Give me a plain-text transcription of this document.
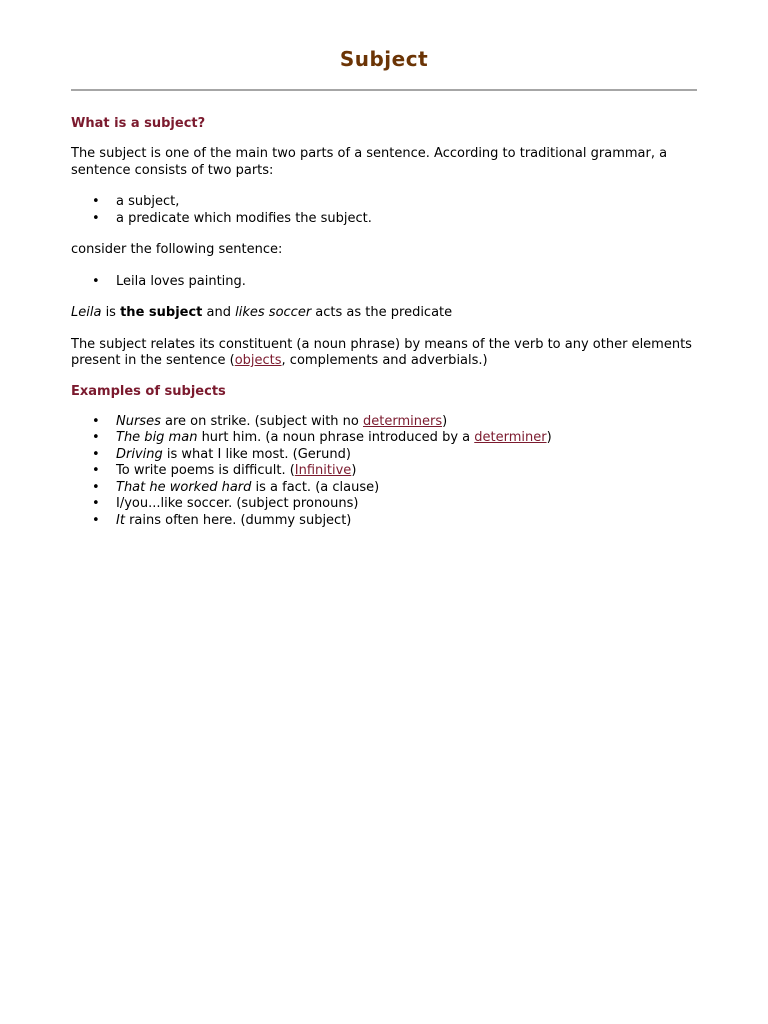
Subject
What is a subject?

The subject is one of the main two parts of a sentence. According to traditional grammar, a sentence consists of two parts:

• a subject,
• a predicate which modifies the subject.

consider the following sentence:

• Leila loves painting.

Leila is the subject and likes soccer acts as the predicate

The subject relates its constituent (a noun phrase) by means of the verb to any other elements present in the sentence (objects, complements and adverbials.)

Examples of subjects
• Nurses are on strike. (subject with no determiners)
• The big man hurt him. (a noun phrase introduced by a determiner)
• Driving is what I like most. (Gerund)
• To write poems is difficult. (Infinitive)
• That he worked hard is a fact. (a clause)
• I/you...like soccer. (subject pronouns)
• It rains often here. (dummy subject)
